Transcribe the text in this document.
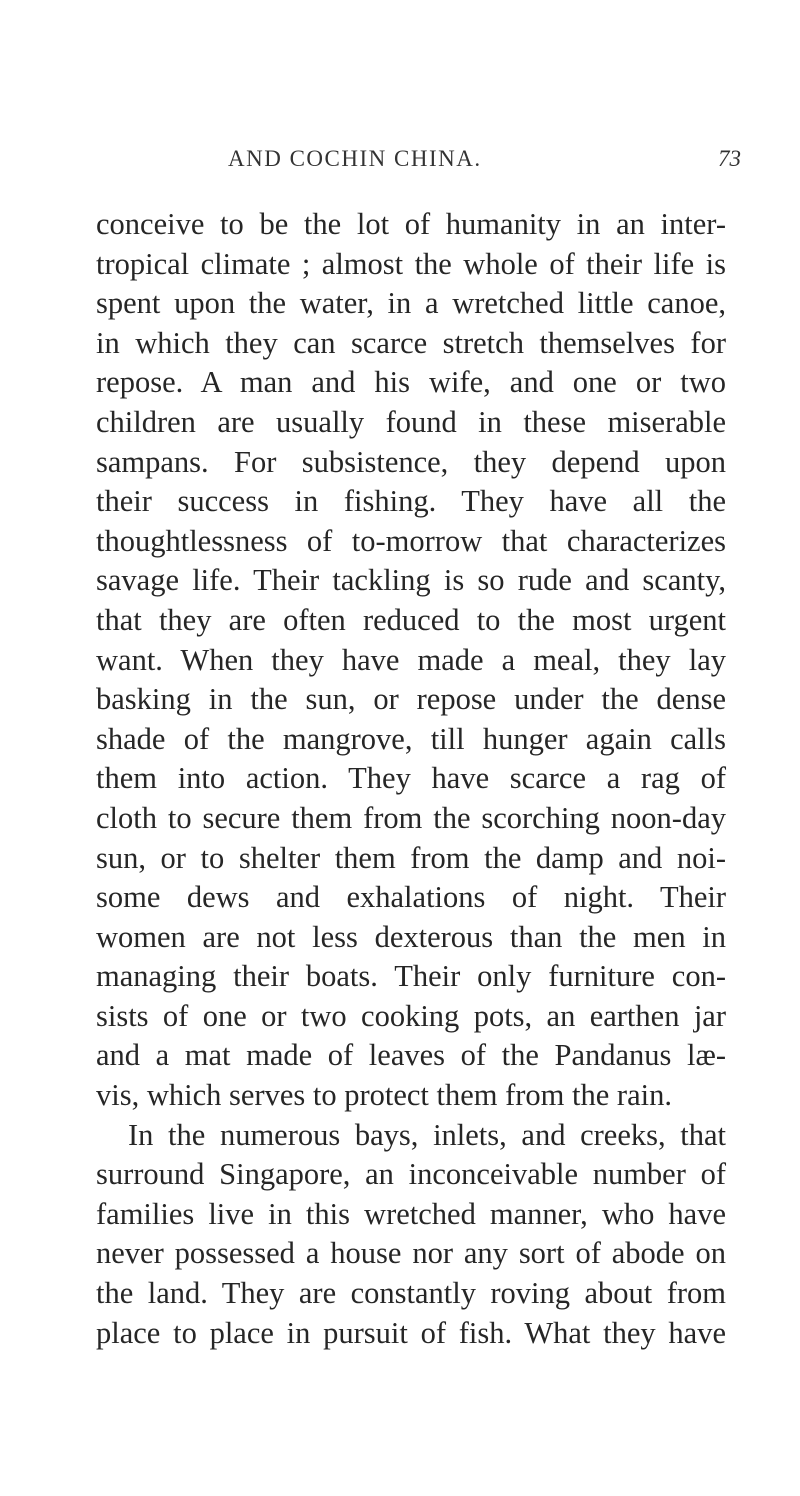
AND COCHIN CHINA.	73
conceive to be the lot of humanity in an inter-
tropical climate ; almost the whole of their life is
spent upon the water, in a wretched little canoe,
in which they can scarce stretch themselves for
repose. A man and his wife, and one or two
children are usually found in these miserable
sampans. For subsistence, they depend upon
their success in fishing. They have all the
thoughtlessness of to-morrow that characterizes
savage life. Their tackling is so rude and scanty,
that they are often reduced to the most urgent
want. When they have made a meal, they lay
basking in the sun, or repose under the dense
shade of the mangrove, till hunger again calls
them into action. They have scarce a rag of
cloth to secure them from the scorching noon-day
sun, or to shelter them from the damp and noi-
some dews and exhalations of night. Their
women are not less dexterous than the men in
managing their boats. Their only furniture con-
sists of one or two cooking pots, an earthen jar
and a mat made of leaves of the Pandanus læ-
vis, which serves to protect them from the rain.
In the numerous bays, inlets, and creeks, that
surround Singapore, an inconceivable number of
families live in this wretched manner, who have
never possessed a house nor any sort of abode on
the land. They are constantly roving about from
place to place in pursuit of fish. What they have
